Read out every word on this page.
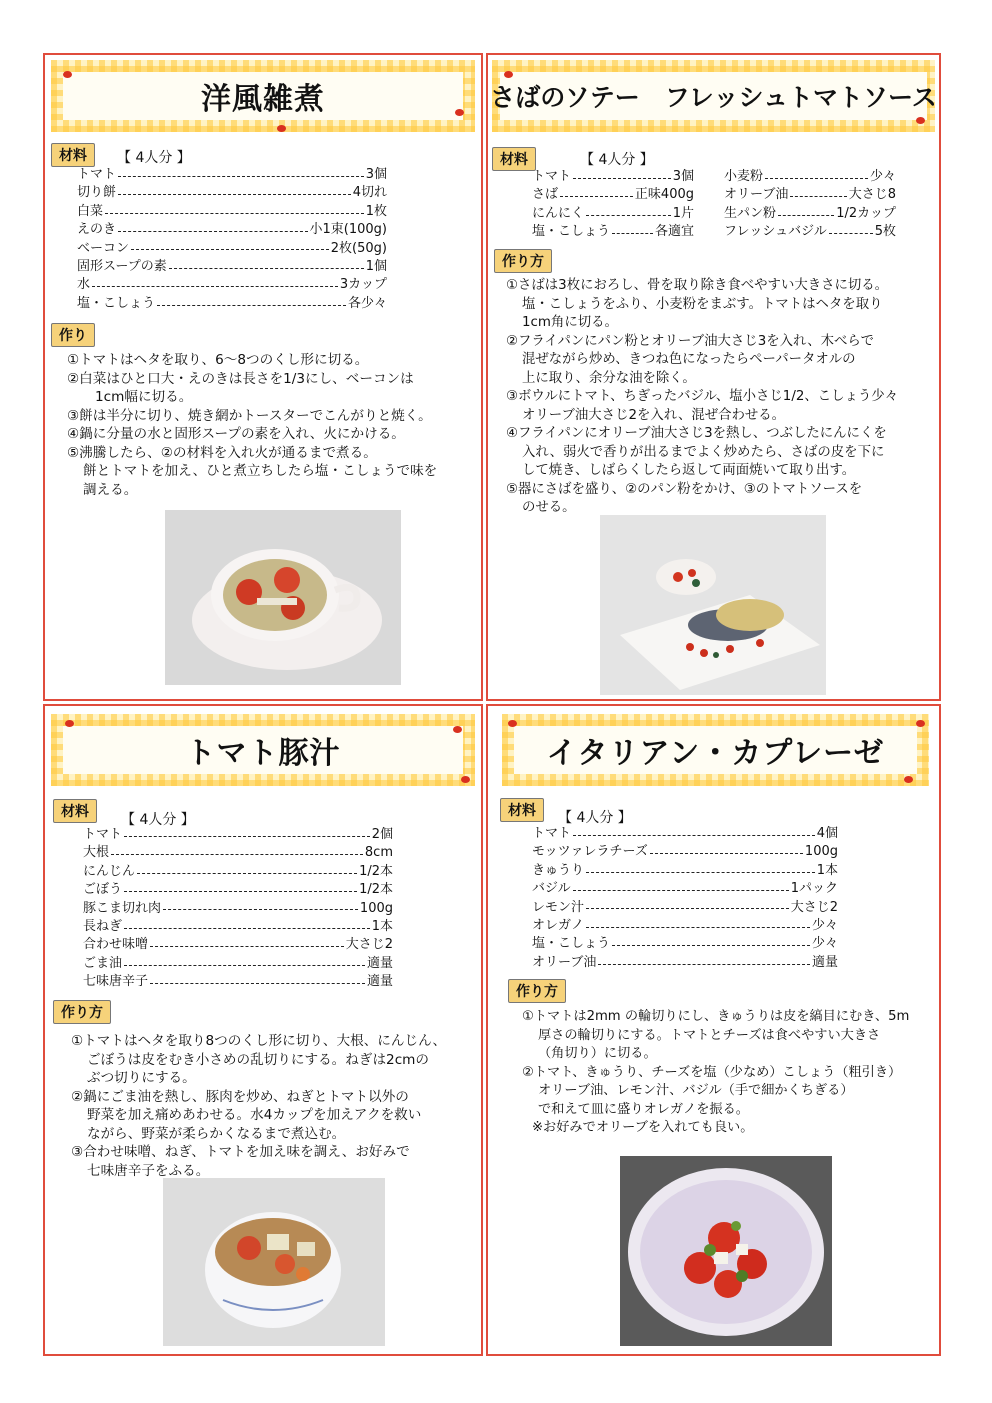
洋風雑煮
材料	【 4人分 】
トマト	3個
切り餅	4切れ
白菜	1枚
えのき	小1束(100g)
ベーコン	2枚(50g)
固形スープの素	1個
水	3カップ
塩・こしょう	各少々
作り
①トマトはヘタを取り、6～8つのくし形に切る。
②白菜はひと口大・えのきは長さを1/3にし、ベーコンは
1cm幅に切る。
③餅は半分に切り、焼き網かトースターでこんがりと焼く。
④鍋に分量の水と固形スープの素を入れ、火にかける。
⑤沸騰したら、②の材料を入れ火が通るまで煮る。
餅とトマトを加え、ひと煮立ちしたら塩・こしょうで味を
調える。
さばのソテー　フレッシュトマトソース
材料	【 4人分 】
トマト	3個
さば	正味400g
にんにく	1片
塩・こしょう	各適宜
小麦粉	少々
オリーブ油	大さじ8
生パン粉	1/2カップ
フレッシュバジル	5枚
作り方
①さばは3枚におろし、骨を取り除き食べやすい大きさに切る。
塩・こしょうをふり、小麦粉をまぶす。トマトはヘタを取り
1cm角に切る。
②フライパンにパン粉とオリーブ油大さじ3を入れ、木べらで
混ぜながら炒め、きつね色になったらペーパータオルの
上に取り、余分な油を除く。
③ボウルにトマト、ちぎったバジル、塩小さじ1/2、こしょう少々
オリーブ油大さじ2を入れ、混ぜ合わせる。
④フライパンにオリーブ油大さじ3を熱し、つぶしたにんにくを
入れ、弱火で香りが出るまでよく炒めたら、さばの皮を下に
して焼き、しばらくしたら返して両面焼いて取り出す。
⑤器にさばを盛り、②のパン粉をかけ、③のトマトソースを
のせる。
トマト豚汁
材料	【 4人分 】
トマト	2個
大根	8cm
にんじん	1/2本
ごぼう	1/2本
豚こま切れ肉	100g
長ねぎ	1本
合わせ味噌	大さじ2
ごま油	適量
七味唐辛子	適量
作り方
①トマトはヘタを取り8つのくし形に切り、大根、にんじん、
ごぼうは皮をむき小さめの乱切りにする。ねぎは2cmの
ぶつ切りにする。
②鍋にごま油を熱し、豚肉を炒め、ねぎとトマト以外の
野菜を加え痛めあわせる。水4カップを加えアクを救い
ながら、野菜が柔らかくなるまで煮込む。
③合わせ味噌、ねぎ、トマトを加え味を調え、お好みで
七味唐辛子をふる。
イタリアン・カプレーゼ
材料	【 4人分 】
トマト	4個
モッツァレラチーズ	100g
きゅうり	1本
バジル	1パック
レモン汁	大さじ2
オレガノ	少々
塩・こしょう	少々
オリーブ油	適量
作り方
①トマトは2mm の輪切りにし、きゅうりは皮を縞目にむき、5m
厚さの輪切りにする。トマトとチーズは食べやすい大きさ
（角切り）に切る。
②トマト、きゅうり、チーズを塩（少なめ）こしょう（粗引き）
オリーブ油、レモン汁、バジル（手で細かくちぎる）
で和えて皿に盛りオレガノを振る。
※お好みでオリーブを入れても良い。
